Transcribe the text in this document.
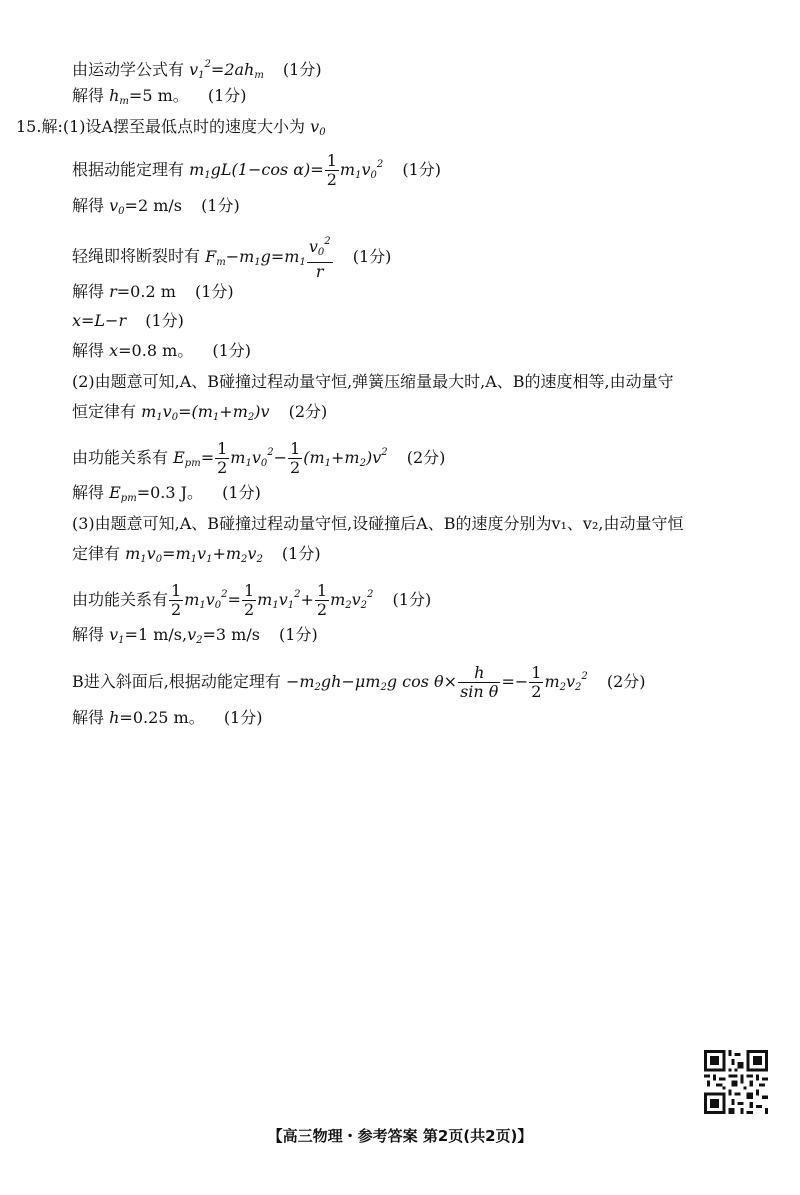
由运动学公式有 $v_1^2=2ah_m$ (1分)
解得 $h_m=5$ m。 (1分)
15.解:(1)设A摆至最低点时的速度大小为 $v_0$
根据动能定理有 $m_1gL(1-\cos$ $\alpha)= \frac{1}{2} m_1v_0^2$ (1分)
解得 $v_0=2$ m/s (1分)
轻绳即将断裂时有 $F_m-m_1g=m_1 \frac{v_0^2}{r} (1$分)
解得 r=0.2 m (1分)
x=L−r (1分)
解得 x=0.8 m。 (1分)
(2)由题意可知,A、B碰撞过程动量守恒,弹簧压缩量最大时,A、B的速度相等,由动量守
恒定律有 $m_1v_0=(m_1+m_2)v$ (2分)
由功能关系有 $E_{pm}= \frac{1}{2} m_1v_0^2- \frac{1}{2} (m_1+m_2)v^2$ (2分)
解得 $E_{pm}=0.3$ J。 (1分)
(3)由题意可知,A、B碰撞过程动量守恒,设碰撞后A、B的速度分别为v₁、v₂,由动量守恒
定律有 $m_1v_0=m_1v_1+m_2v_2$ (1分)
由功能关系有 $\frac{1}{2} m_1v_0^2= \frac{1}{2} m_1v_1^2+ \frac{1}{2} m_2v_2^2$ (1分)
解得 $v_1=1$ $m/s,v_2=3$ m/s (1分)
B进入斜面后,根据动能定理有 $-m_2gh-\mu m_2g$ $\cos \theta\times \frac{h}{\text{sin θ}} =- \frac{1}{2} m_2v_2^2$ (2分)
解得 h=0.25 m。 (1分)
【高三物理・参考答案 第2页(共2页)】
